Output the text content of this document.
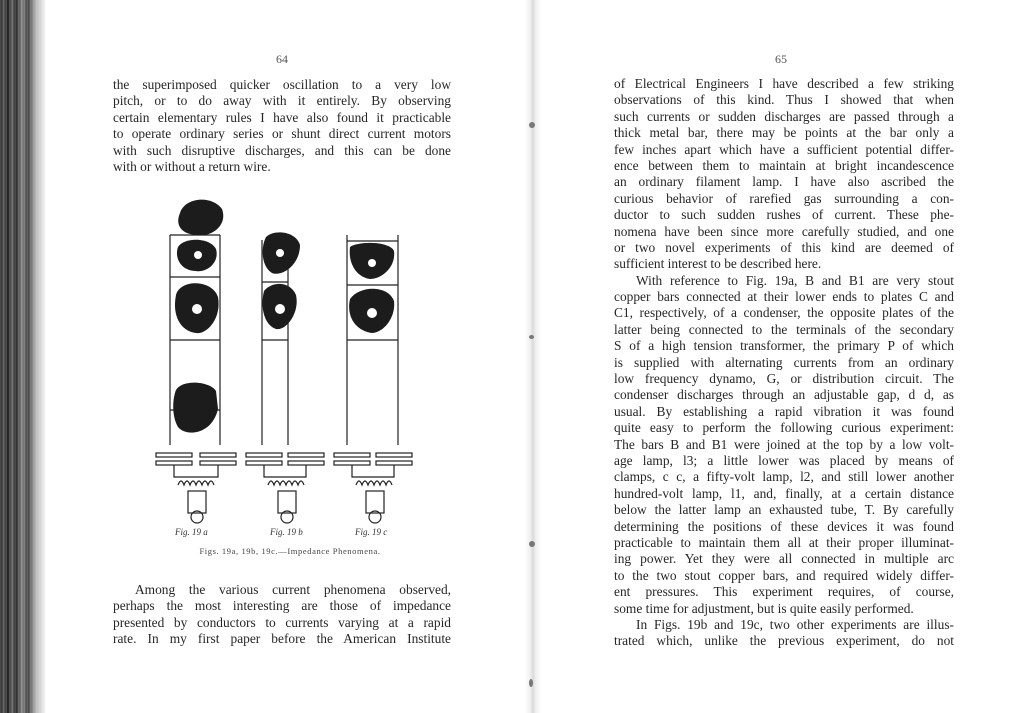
64
the superimposed quicker oscillation to a very low
pitch, or to do away with it entirely. By observing
certain elementary rules I have also found it practicable
to operate ordinary series or shunt direct current motors
with such disruptive discharges, and this can be done
with or without a return wire.
Fig. 19 a	Fig. 19 b	Fig. 19 c
Figs. 19a, 19b, 19c.—Impedance Phenomena.
Among the various current phenomena observed,
perhaps the most interesting are those of impedance
presented by conductors to currents varying at a rapid
rate. In my first paper before the American Institute
65
of Electrical Engineers I have described a few striking
observations of this kind. Thus I showed that when
such currents or sudden discharges are passed through a
thick metal bar, there may be points at the bar only a
few inches apart which have a sufficient potential differ-
ence between them to maintain at bright incandescence
an ordinary filament lamp. I have also ascribed the
curious behavior of rarefied gas surrounding a con-
ductor to such sudden rushes of current. These phe-
nomena have been since more carefully studied, and one
or two novel experiments of this kind are deemed of
sufficient interest to be described here.
With reference to Fig. 19a, B and B1 are very stout
copper bars connected at their lower ends to plates C and
C1, respectively, of a condenser, the opposite plates of the
latter being connected to the terminals of the secondary
S of a high tension transformer, the primary P of which
is supplied with alternating currents from an ordinary
low frequency dynamo, G, or distribution circuit. The
condenser discharges through an adjustable gap, d d, as
usual. By establishing a rapid vibration it was found
quite easy to perform the following curious experiment:
The bars B and B1 were joined at the top by a low volt-
age lamp, l3; a little lower was placed by means of
clamps, c c, a fifty-volt lamp, l2, and still lower another
hundred-volt lamp, l1, and, finally, at a certain distance
below the latter lamp an exhausted tube, T. By carefully
determining the positions of these devices it was found
practicable to maintain them all at their proper illuminat-
ing power. Yet they were all connected in multiple arc
to the two stout copper bars, and required widely differ-
ent pressures. This experiment requires, of course,
some time for adjustment, but is quite easily performed.
In Figs. 19b and 19c, two other experiments are illus-
trated which, unlike the previous experiment, do not
